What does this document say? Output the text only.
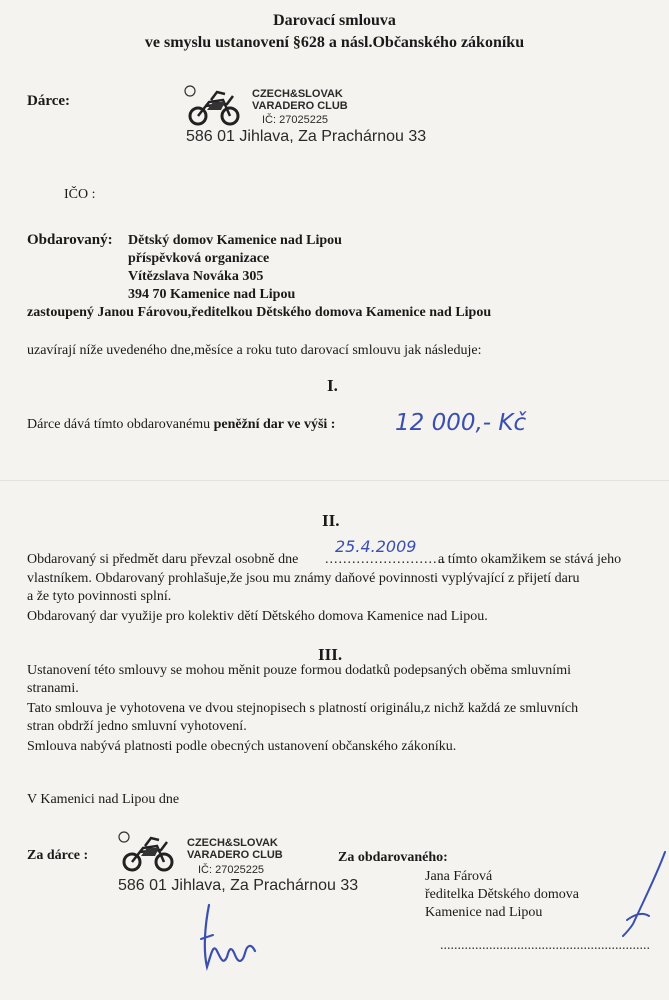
Darovací smlouva
ve smyslu ustanovení §628 a násl.Občanského zákoníku
Dárce:	CZECH&SLOVAK
VARADERO CLUB
IČ: 27025225
586 01 Jihlava, Za Prachárnou 33
IČO :
Obdarovaný: Dětský domov Kamenice nad Lipou
příspěvková organizace
Vítězslava Nováka 305
394 70 Kamenice nad Lipou
zastoupený Janou Fárovou,ředitelkou Dětského domova Kamenice nad Lipou
uzavírají níže uvedeného dne,měsíce a roku tuto darovací smlouvu jak následuje:
I.
Dárce dává tímto obdarovanému peněžní dar ve výši :	12 000,- Kč
II.
Obdarovaný si předmět daru převzal osobně dne ...........................
25.4.2009
a tímto okamžikem se stává jeho
vlastníkem. Obdarovaný prohlašuje,že jsou mu známy daňové povinnosti vyplývající z přijetí daru
a že tyto povinnosti splní.
Obdarovaný dar využije pro kolektiv dětí Dětského domova Kamenice nad Lipou.
III.
Ustanovení této smlouvy se mohou měnit pouze formou dodatků podepsaných oběma smluvními
stranami.
Tato smlouva je vyhotovena ve dvou stejnopisech s platností originálu,z nichž každá ze smluvních
stran obdrží jedno smluvní vyhotovení.
Smlouva nabývá platnosti podle obecných ustanovení občanského zákoníku.
V Kamenici nad Lipou dne
Za dárce :
CZECH&SLOVAK
VARADERO CLUB
IČ: 27025225
586 01 Jihlava, Za Prachárnou 33
Za obdarovaného:
Jana Fárová
ředitelka Dětského domova
Kamenice nad Lipou
............................................................
